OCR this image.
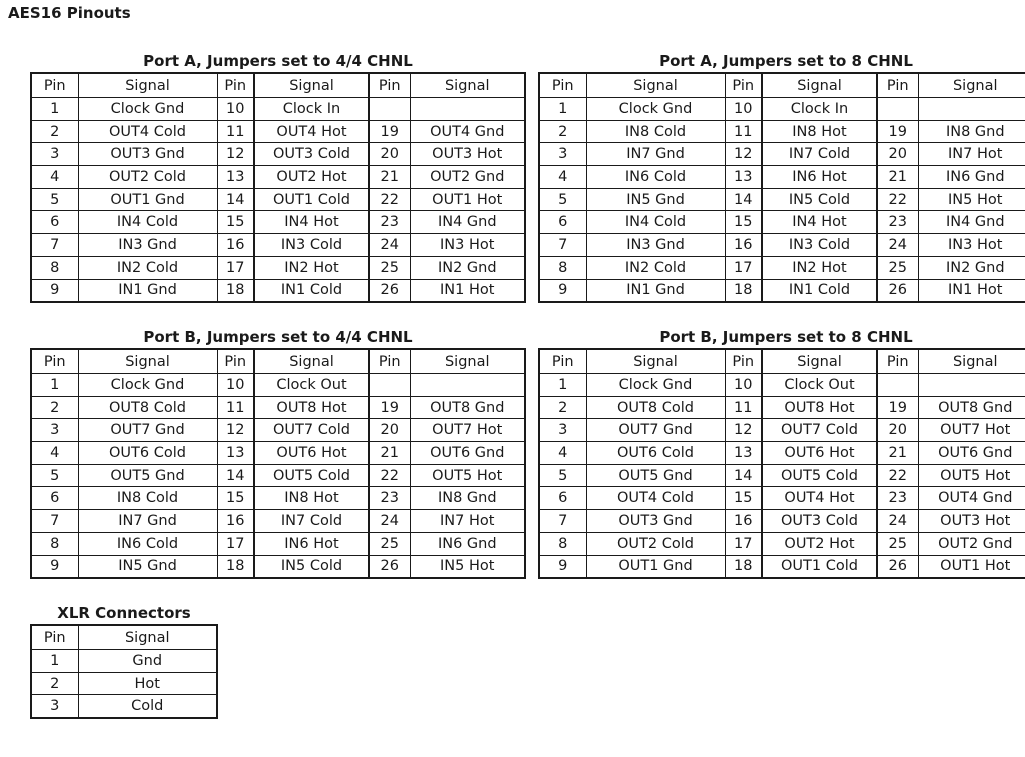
AES16 Pinouts
Port A, Jumpers set to 4/4 CHNL
Pin	Signal	Pin	Signal	Pin	Signal
1	Clock Gnd	10	Clock In		
2	OUT4 Cold	11	OUT4 Hot	19	OUT4 Gnd
3	OUT3 Gnd	12	OUT3 Cold	20	OUT3 Hot
4	OUT2 Cold	13	OUT2 Hot	21	OUT2 Gnd
5	OUT1 Gnd	14	OUT1 Cold	22	OUT1 Hot
6	IN4 Cold	15	IN4 Hot	23	IN4 Gnd
7	IN3 Gnd	16	IN3 Cold	24	IN3 Hot
8	IN2 Cold	17	IN2 Hot	25	IN2 Gnd
9	IN1 Gnd	18	IN1 Cold	26	IN1 Hot
Port A, Jumpers set to 8 CHNL
Pin	Signal	Pin	Signal	Pin	Signal
1	Clock Gnd	10	Clock In		
2	IN8 Cold	11	IN8 Hot	19	IN8 Gnd
3	IN7 Gnd	12	IN7 Cold	20	IN7 Hot
4	IN6 Cold	13	IN6 Hot	21	IN6 Gnd
5	IN5 Gnd	14	IN5 Cold	22	IN5 Hot
6	IN4 Cold	15	IN4 Hot	23	IN4 Gnd
7	IN3 Gnd	16	IN3 Cold	24	IN3 Hot
8	IN2 Cold	17	IN2 Hot	25	IN2 Gnd
9	IN1 Gnd	18	IN1 Cold	26	IN1 Hot
Port B, Jumpers set to 4/4 CHNL
Pin	Signal	Pin	Signal	Pin	Signal
1	Clock Gnd	10	Clock Out		
2	OUT8 Cold	11	OUT8 Hot	19	OUT8 Gnd
3	OUT7 Gnd	12	OUT7 Cold	20	OUT7 Hot
4	OUT6 Cold	13	OUT6 Hot	21	OUT6 Gnd
5	OUT5 Gnd	14	OUT5 Cold	22	OUT5 Hot
6	IN8 Cold	15	IN8 Hot	23	IN8 Gnd
7	IN7 Gnd	16	IN7 Cold	24	IN7 Hot
8	IN6 Cold	17	IN6 Hot	25	IN6 Gnd
9	IN5 Gnd	18	IN5 Cold	26	IN5 Hot
Port B, Jumpers set to 8 CHNL
Pin	Signal	Pin	Signal	Pin	Signal
1	Clock Gnd	10	Clock Out		
2	OUT8 Cold	11	OUT8 Hot	19	OUT8 Gnd
3	OUT7 Gnd	12	OUT7 Cold	20	OUT7 Hot
4	OUT6 Cold	13	OUT6 Hot	21	OUT6 Gnd
5	OUT5 Gnd	14	OUT5 Cold	22	OUT5 Hot
6	OUT4 Cold	15	OUT4 Hot	23	OUT4 Gnd
7	OUT3 Gnd	16	OUT3 Cold	24	OUT3 Hot
8	OUT2 Cold	17	OUT2 Hot	25	OUT2 Gnd
9	OUT1 Gnd	18	OUT1 Cold	26	OUT1 Hot
XLR Connectors
Pin	Signal
1	Gnd
2	Hot
3	Cold
